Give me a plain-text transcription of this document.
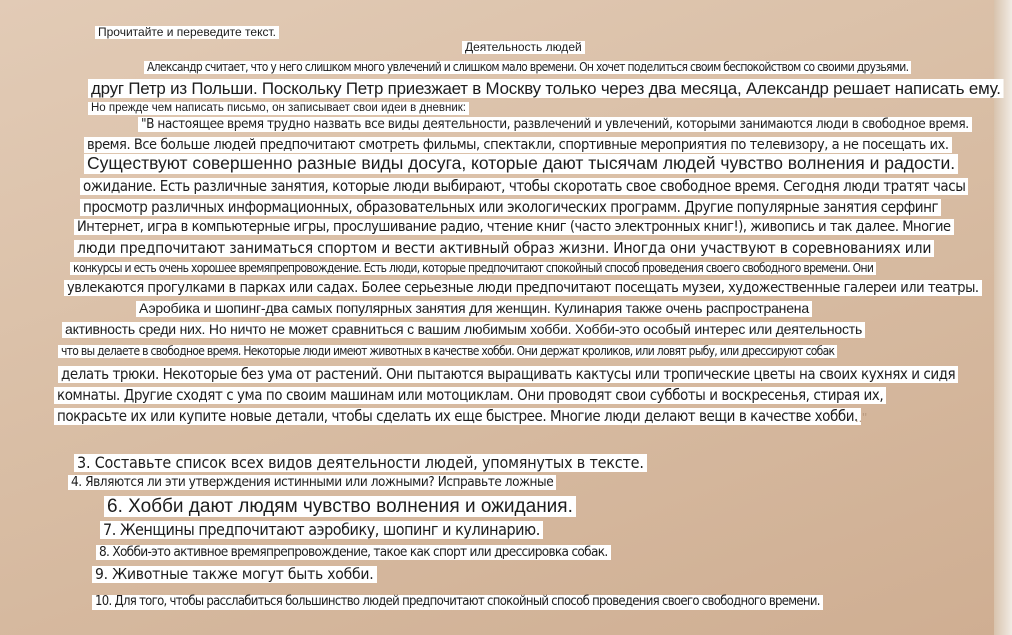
Прочитайте и переведите текст.

Деятельность людей

Александр считает, что у него слишком много увлечений и слишком мало времени. Он хочет поделиться своим беспокойством со своими друзьями.

друг Петр из Польши. Поскольку Петр приезжает в Москву только через два месяца, Александр решает написать ему.

Но прежде чем написать письмо, он записывает свои идеи в дневник:

"В настоящее время трудно назвать все виды деятельности, развлечений и увлечений, которыми занимаются люди в свободное время.

время. Все больше людей предпочитают смотреть фильмы, спектакли, спортивные мероприятия по телевизору, а не посещать их.

Существуют совершенно разные виды досуга, которые дают тысячам людей чувство волнения и радости.

ожидание. Есть различные занятия, которые люди выбирают, чтобы скоротать свое свободное время. Сегодня люди тратят часы

просмотр различных информационных, образовательных или экологических программ. Другие популярные занятия серфинг

Интернет, игра в компьютерные игры, прослушивание радио, чтение книг (часто электронных книг!), живопись и так далее. Многие

люди предпочитают заниматься спортом и вести активный образ жизни. Иногда они участвуют в соревнованиях или

конкурсы и есть очень хорошее времяпрепровождение. Есть люди, которые предпочитают спокойный способ проведения своего свободного времени. Они

увлекаются прогулками в парках или садах. Более серьезные люди предпочитают посещать музеи, художественные галереи или театры.

Аэробика и шопинг-два самых популярных занятия для женщин. Кулинария также очень распространена

активность среди них. Но ничто не может сравниться с вашим любимым хобби. Хобби-это особый интерес или деятельность

что вы делаете в свободное время. Некоторые люди имеют животных в качестве хобби. Они держат кроликов, или ловят рыбу, или дрессируют собак

делать трюки. Некоторые без ума от растений. Они пытаются выращивать кактусы или тропические цветы на своих кухнях и сидя

комнаты. Другие сходят с ума по своим машинам или мотоциклам. Они проводят свои субботы и воскресенья, стирая их,

покрасьте их или купите новые детали, чтобы сделать их еще быстрее. Многие люди делают вещи в качестве хобби.

.."

3. Составьте список всех видов деятельности людей, упомянутых в тексте.

4. Являются ли эти утверждения истинными или ложными? Исправьте ложные

6. Хобби дают людям чувство волнения и ожидания.

7. Женщины предпочитают аэробику, шопинг и кулинарию.

8. Хобби-это активное времяпрепровождение, такое как спорт или дрессировка собак.

9. Животные также могут быть хобби.

10. Для того, чтобы расслабиться большинство людей предпочитают спокойный способ проведения своего свободного времени.
